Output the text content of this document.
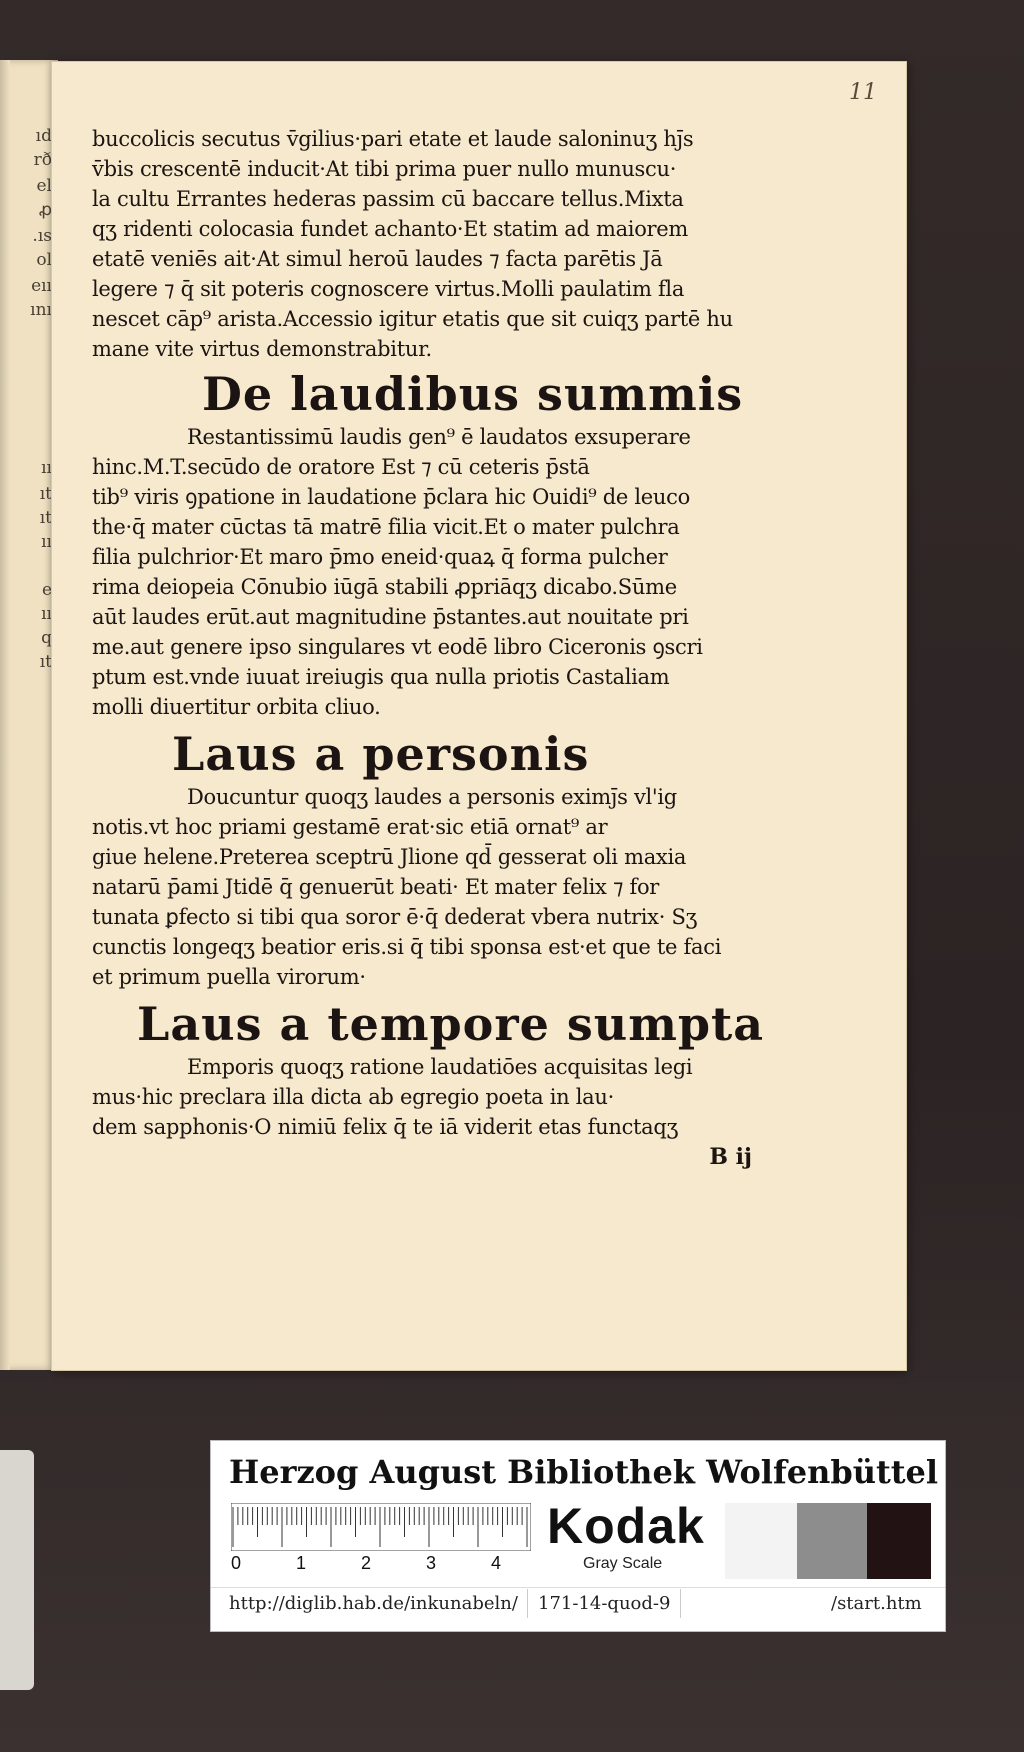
ıd
rð
el
ꝓ
.ıs
ol
eıı
ını
ıı
ıt
ıt
ıı
e
ıı
q
ıt
11
buccolicis secutus v̄gilius·pari etate et laude saloninuʒ hȷ̄s
v̄bis crescentē inducit·At tibi prima puer nullo munuscu·
la cultu Errantes hederas passim cū baccare tellus.Mixta
qʒ ridenti colocasia fundet achanto·Et statim ad maiorem
etatē veniēs ait·At simul heroū laudes ⁊ facta parētis Jā
legere ⁊ q̄ sit poteris cognoscere virtus.Molli paulatim fla
nescet cāp⁹ arista.Accessio igitur etatis que sit cuiqʒ partē hu
mane vite virtus demonstrabitur.
De laudibus summis
Restantissimū laudis gen⁹ ē laudatos exsuperare
hinc.M.T.secūdo de oratore Est ⁊ cū ceteris p̄stā
tib⁹ viris ꝯpatione in laudatione p̄clara hic Ouidi⁹ de leuco
the·q̄ mater cūctas tā matrē filia vicit.Et o mater pulchra
filia pulchrior·Et maro p̄mo eneid·quaꝝ q̄ forma pulcher
rima deiopeia Cōnubio iūgā stabili ꝓpriāqʒ dicabo.Sūme
aūt laudes erūt.aut magnitudine p̄stantes.aut nouitate pri
me.aut genere ipso singulares vt eodē libro Ciceronis ꝯscri
ptum est.vnde iuuat ireiugis qua nulla priotis Castaliam
molli diuertitur orbita cliuo.
Laus a personis
Doucuntur quoqʒ laudes a personis eximȷ̄s vl'ig
notis.vt hoc priami gestamē erat·sic etiā ornat⁹ ar
giue helene.Preterea sceptrū Jlione qd̄ gesserat oli maxia
natarū p̄ami Jtidē q̄ genuerūt beati· Et mater felix ⁊ for
tunata ꝑfecto si tibi qua soror ē·q̄ dederat vbera nutrix· Sʒ
cunctis longeqʒ beatior eris.si q̄ tibi sponsa est·et que te faci
et primum puella virorum·
Laus a tempore sumpta
Emporis quoqʒ ratione laudatiōes acquisitas legi
mus·hic preclara illa dicta ab egregio poeta in lau·
dem sapphonis·O nimiū felix q̄ te iā viderit etas functaqʒ
B ij
Herzog August Bibliothek Wolfenbüttel
0	1	2	3	4
Kodak
Gray Scale
http://diglib.hab.de/inkunabeln/	171-14-quod-9	/start.htm
